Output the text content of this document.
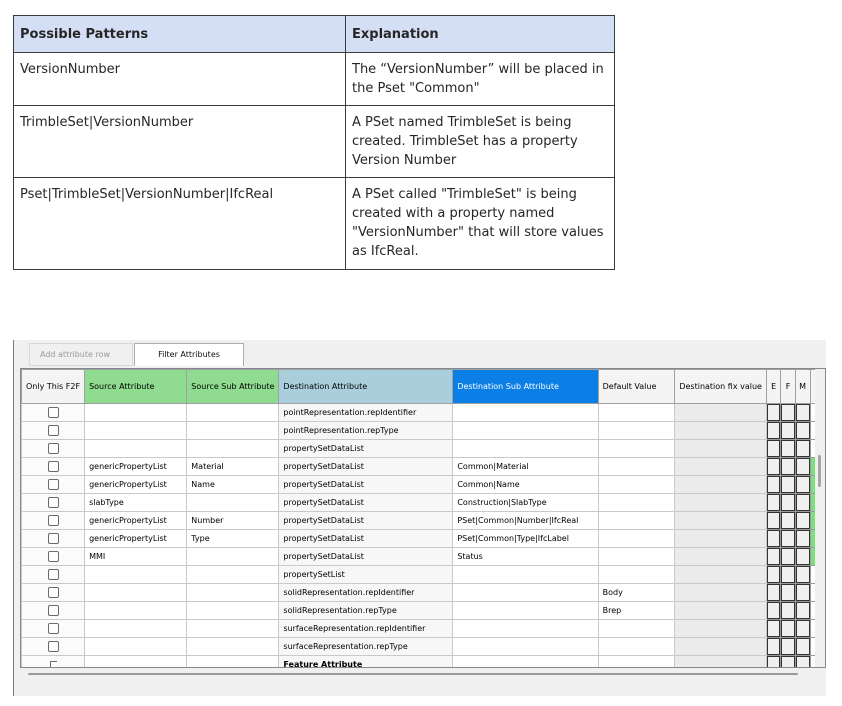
Possible Patterns	Explanation
VersionNumber	The “VersionNumber” will be placed in the Pset "Common"
TrimbleSet|VersionNumber	A PSet named TrimbleSet is being created. TrimbleSet has a property Version Number
Pset|TrimbleSet|VersionNumber|IfcReal	A PSet called "TrimbleSet" is being created with a property named "VersionNumber" that will store values as IfcReal.
Add attribute row	Filter Attributes
Only This F2F	Source Attribute	Source Sub Attribute	Destination Attribute	Destination Sub Attribute	Default Value	Destination fix value	E	F	M	
			pointRepresentation.repIdentifier				

			pointRepresentation.repType				

			propertySetDataList				

	genericPropertyList	Material	propertySetDataList	Common|Material			

	genericPropertyList	Name	propertySetDataList	Common|Name			

	slabType		propertySetDataList	Construction|SlabType			

	genericPropertyList	Number	propertySetDataList	PSet|Common|Number|IfcReal			

	genericPropertyList	Type	propertySetDataList	PSet|Common|Type|IfcLabel			

	MMI		propertySetDataList	Status			

			propertySetList				

			solidRepresentation.repIdentifier		Body		

			solidRepresentation.repType		Brep		

			surfaceRepresentation.repIdentifier				

			surfaceRepresentation.repType				

			Feature Attribute				
